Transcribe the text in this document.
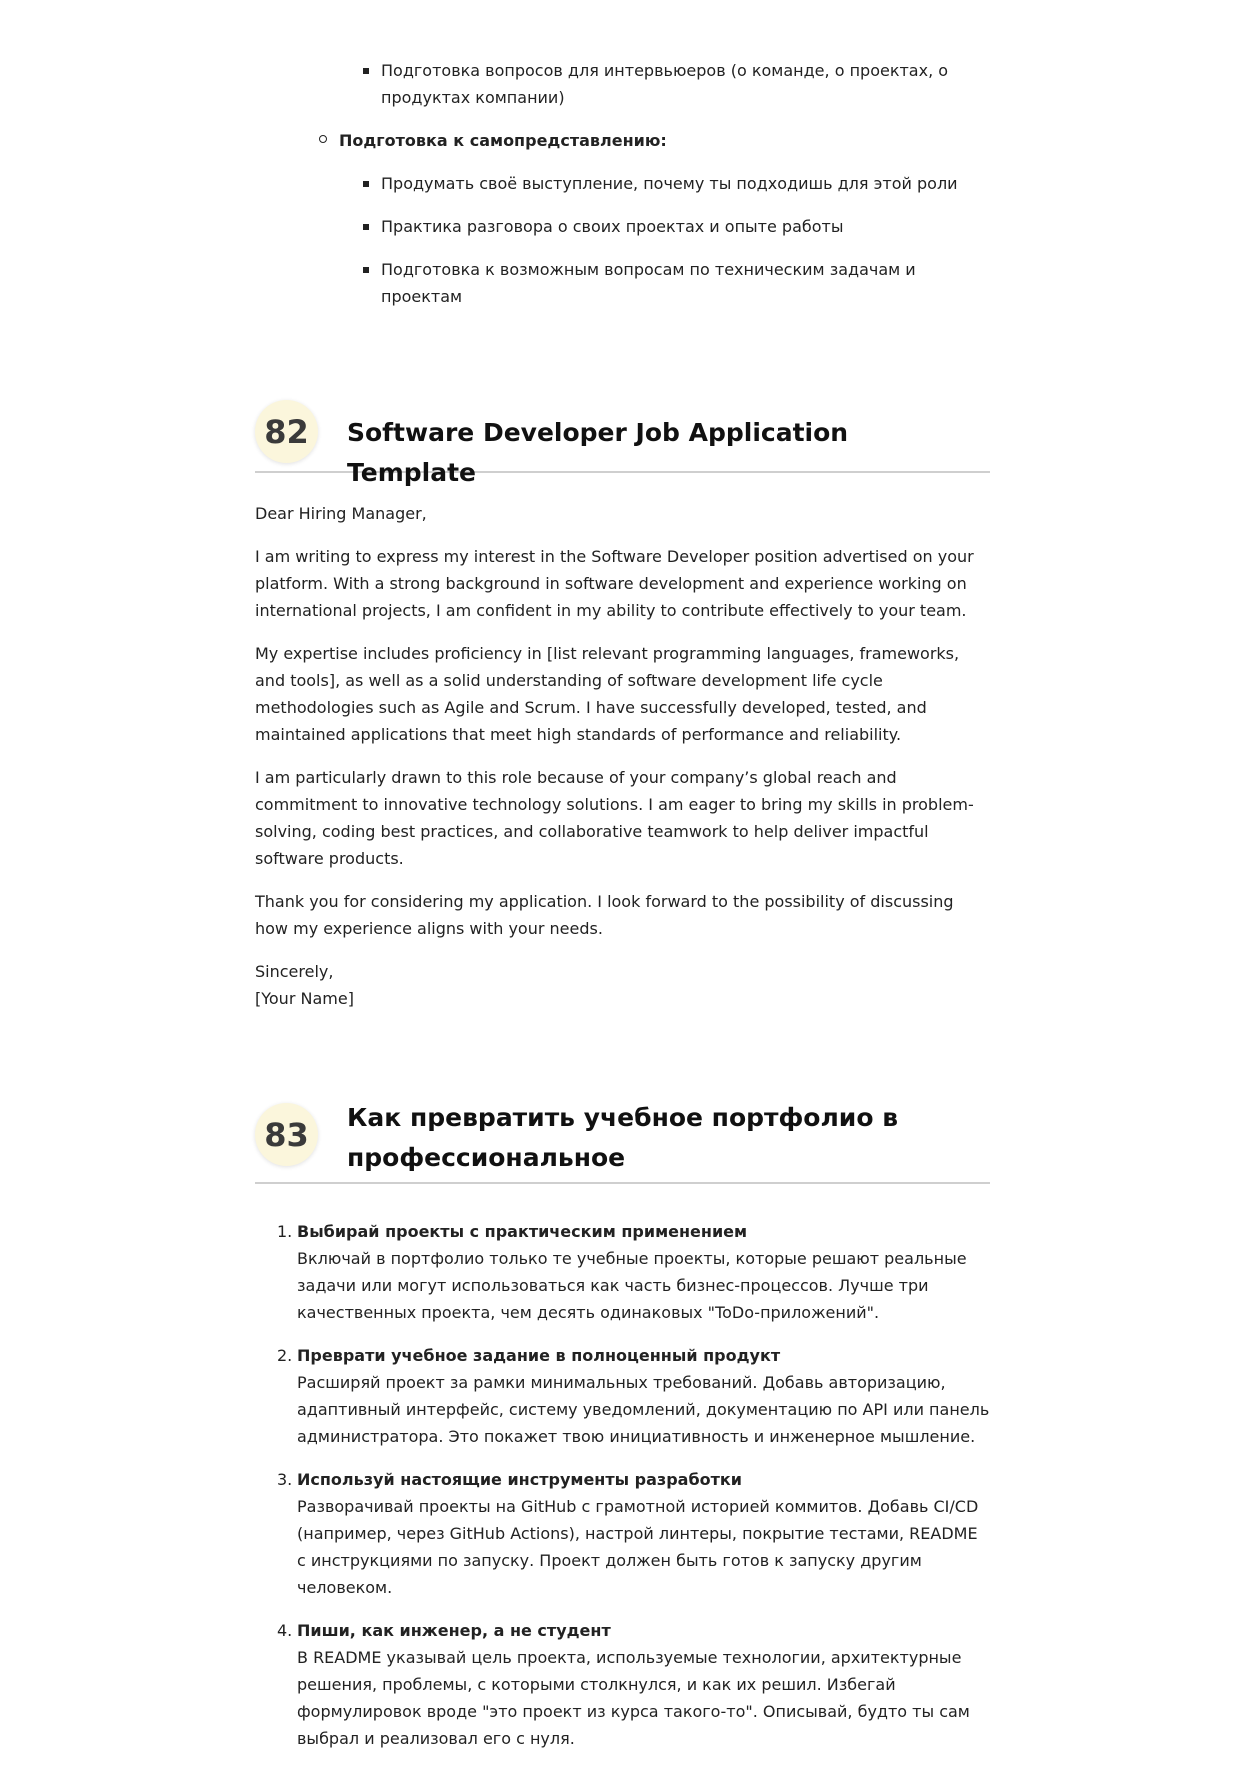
Подготовка вопросов для интервьюеров (о команде, о проектах, о продуктах компании)
Подготовка к самопредставлению:
Продумать своё выступление, почему ты подходишь для этой роли
Практика разговора о своих проектах и опыте работы
Подготовка к возможным вопросам по техническим задачам и проектам
82	Software Developer Job Application Template

Dear Hiring Manager,

I am writing to express my interest in the Software Developer position advertised on your platform. With a strong background in software development and experience working on international projects, I am confident in my ability to contribute effectively to your team.

My expertise includes proficiency in [list relevant programming languages, frameworks, and tools], as well as a solid understanding of software development life cycle methodologies such as Agile and Scrum. I have successfully developed, tested, and maintained applications that meet high standards of performance and reliability.

I am particularly drawn to this role because of your company’s global reach and commitment to innovative technology solutions. I am eager to bring my skills in problem-solving, coding best practices, and collaborative teamwork to help deliver impactful software products.

Thank you for considering my application. I look forward to the possibility of discussing how my experience aligns with your needs.

Sincerely,
[Your Name]

83	Как превратить учебное портфолио в профессиональное
1. Выбирай проекты с практическим применением
Включай в портфолио только те учебные проекты, которые решают реальные задачи или могут использоваться как часть бизнес-процессов. Лучше три качественных проекта, чем десять одинаковых "ToDo-приложений".
2. Преврати учебное задание в полноценный продукт
Расширяй проект за рамки минимальных требований. Добавь авторизацию, адаптивный интерфейс, систему уведомлений, документацию по API или панель администратора. Это покажет твою инициативность и инженерное мышление.
3. Используй настоящие инструменты разработки
Разворачивай проекты на GitHub с грамотной историей коммитов. Добавь CI/CD (например, через GitHub Actions), настрой линтеры, покрытие тестами, README с инструкциями по запуску. Проект должен быть готов к запуску другим человеком.
4. Пиши, как инженер, а не студент
В README указывай цель проекта, используемые технологии, архитектурные решения, проблемы, с которыми столкнулся, и как их решил. Избегай формулировок вроде "это проект из курса такого-то". Описывай, будто ты сам выбрал и реализовал его с нуля.
